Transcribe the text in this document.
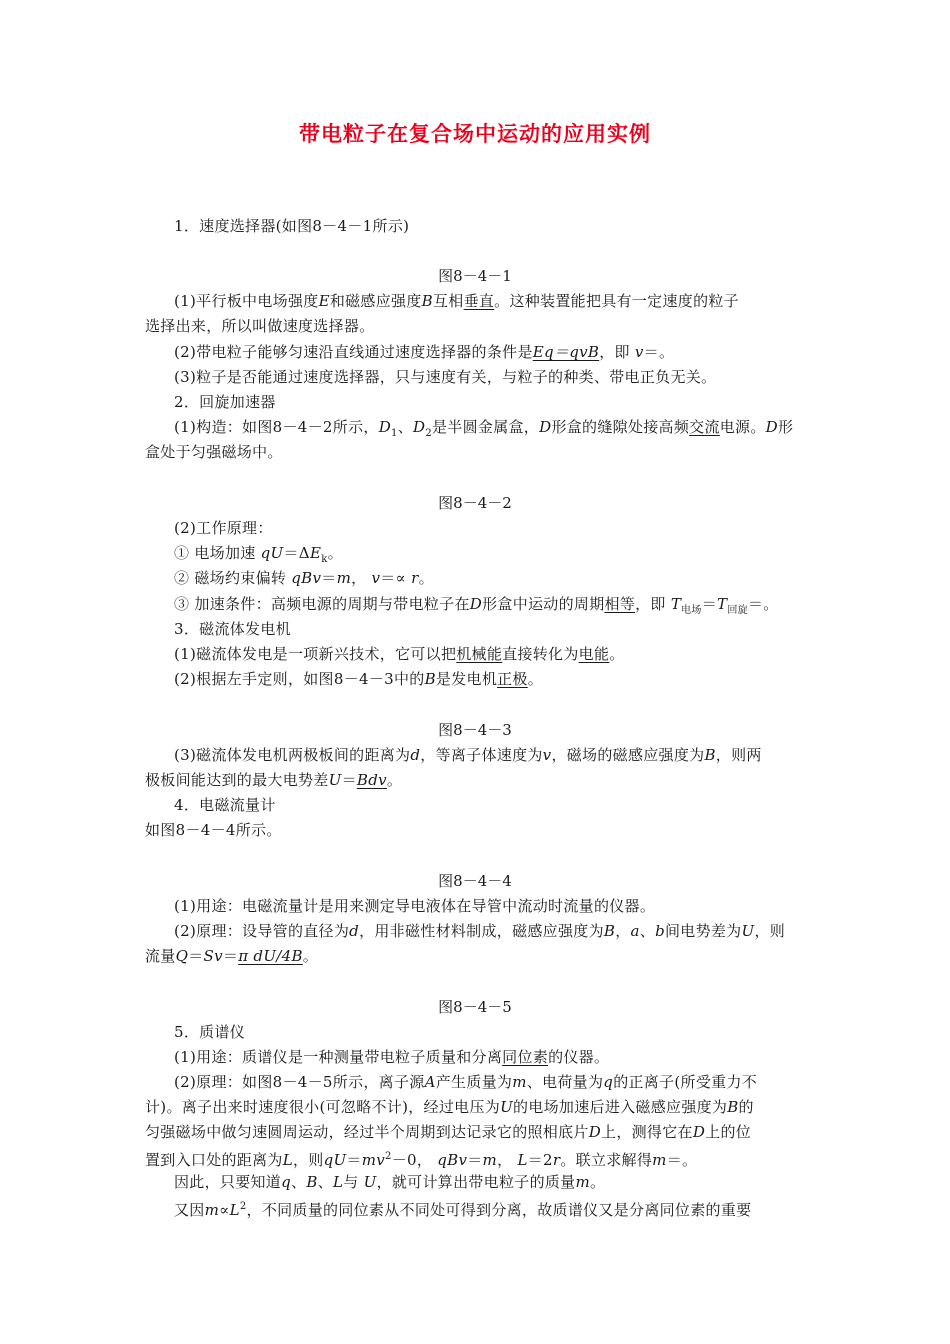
带电粒子在复合场中运动的应用实例
1．速度选择器(如图8－4－1所示)
图8－4－1
(1)平行板中电场强度E和磁感应强度B互相垂直。这种装置能把具有一定速度的粒子
选择出来，所以叫做速度选择器。
(2)带电粒子能够匀速沿直线通过速度选择器的条件是Eq＝qvB，即 v＝。
(3)粒子是否能通过速度选择器，只与速度有关，与粒子的种类、带电正负无关。
2．回旋加速器
(1)构造：如图8－4－2所示，$D_1$、$D_2$是半圆金属盒，D形盒的缝隙处接高频交流电源。D形
盒处于匀强磁场中。
图8－4－2
(2)工作原理：
① 电场加速 $qU=\Delta E_k$。
② 磁场约束偏转 qBv＝m， v＝∝ r。
③ 加速条件：高频电源的周期与带电粒子在D形盒中运动的周期相等，即 $T_{电场}=T_{回旋}=$。
3．磁流体发电机
(1)磁流体发电是一项新兴技术，它可以把机械能直接转化为电能。
(2)根据左手定则，如图8－4－3中的B是发电机正极。
图8－4－3
(3)磁流体发电机两极板间的距离为d，等离子体速度为v，磁场的磁感应强度为B，则两
极板间能达到的最大电势差U＝Bdv。
4．电磁流量计
如图8－4－4所示。
图8－4－4
(1)用途：电磁流量计是用来测定导电液体在导管中流动时流量的仪器。
(2)原理：设导管的直径为d，用非磁性材料制成，磁感应强度为B，a、b间电势差为U，则
流量Q＝Sv＝π dU/4B。
图8－4－5
5．质谱仪
(1)用途：质谱仪是一种测量带电粒子质量和分离同位素的仪器。
(2)原理：如图8－4－5所示，离子源A产生质量为m、电荷量为q的正离子(所受重力不
计)。离子出来时速度很小(可忽略不计)，经过电压为U的电场加速后进入磁感应强度为B的
匀强磁场中做匀速圆周运动，经过半个周期到达记录它的照相底片D上，测得它在D上的位
置到入口处的距离为L，则$qU=mv^2-0$， qBv＝m， L＝2r。联立求解得m＝。
因此，只要知道q、B、L与 U，就可计算出带电粒子的质量m。
又因$m\propto L^2$，不同质量的同位素从不同处可得到分离，故质谱仪又是分离同位素的重要
